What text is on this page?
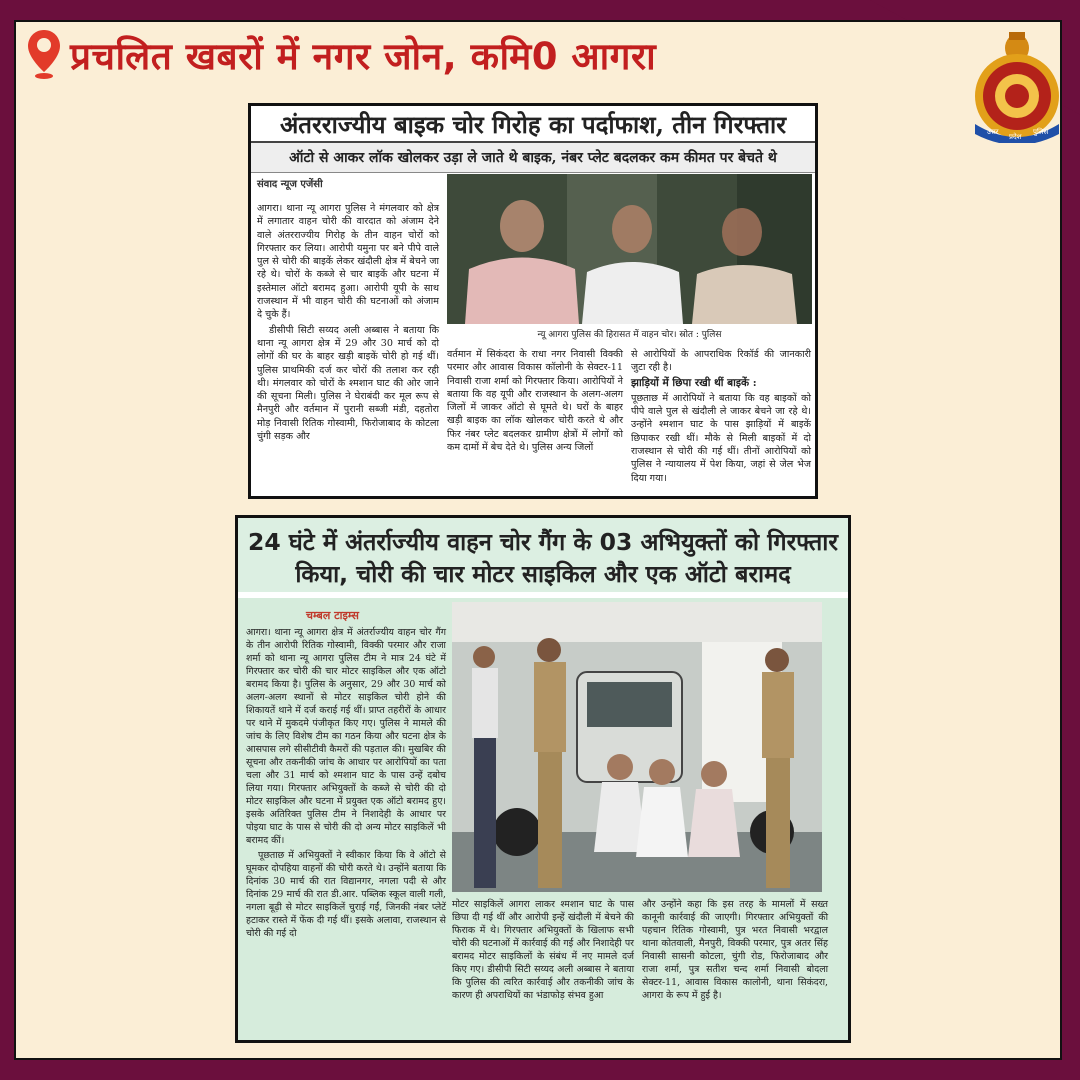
प्रचलित खबरों में नगर जोन, कमि0 आगरा
उत्तर
प्रदेश
पुलिस
अंतरराज्यीय बाइक चोर गिरोह का पर्दाफाश, तीन गिरफ्तार
ऑटो से आकर लॉक खोलकर उड़ा ले जाते थे बाइक, नंबर प्लेट बदलकर कम कीमत पर बेचते थे
संवाद न्यूज एजेंसी

आगरा। थाना न्यू आगरा पुलिस ने मंगलवार को क्षेत्र में लगातार वाहन चोरी की वारदात को अंजाम देने वाले अंतरराज्यीय गिरोह के तीन वाहन चोरों को गिरफ्तार कर लिया। आरोपी यमुना पर बने पीपे वाले पुल से चोरी की बाइकें लेकर खंदौली क्षेत्र में बेचने जा रहे थे। चोरों के कब्जे से चार बाइकें और घटना में इस्तेमाल ऑटो बरामद हुआ। आरोपी यूपी के साथ राजस्थान में भी वाहन चोरी की घटनाओं को अंजाम दे चुके हैं।

डीसीपी सिटी सय्यद अली अब्बास ने बताया कि थाना न्यू आगरा क्षेत्र में 29 और 30 मार्च को दो लोगों की घर के बाहर खड़ी बाइकें चोरी हो गई थीं। पुलिस प्राथमिकी दर्ज कर चोरों की तलाश कर रही थी। मंगलवार को चोरों के श्मशान घाट की ओर जाने की सूचना मिली। पुलिस ने घेराबंदी कर मूल रूप से मैनपुरी और वर्तमान में पुरानी सब्जी मंडी, दहतोरा मोड़ निवासी रितिक गोस्वामी, फिरोजाबाद के कोटला चुंगी सड़क और

न्यू आगरा पुलिस की हिरासत में वाहन चोर। स्रोत : पुलिस

वर्तमान में सिकंदरा के राधा नगर निवासी विक्की परमार और आवास विकास कॉलोनी के सेक्टर-11 निवासी राजा शर्मा को गिरफ्तार किया। आरोपियों ने बताया कि वह यूपी और राजस्थान के अलग-अलग जिलों में जाकर ऑटो से घूमते थे। घरों के बाहर खड़ी बाइक का लॉक खोलकर चोरी करते थे और फिर नंबर प्लेट बदलकर ग्रामीण क्षेत्रों में लोगों को कम दामों में बेच देते थे। पुलिस अन्य जिलों

से आरोपियों के आपराधिक रिकॉर्ड की जानकारी जुटा रही है।

झाड़ियों में छिपा रखी थीं बाइकें :

पूछताछ में आरोपियों ने बताया कि वह बाइकों को पीपे वाले पुल से खंदौली ले जाकर बेचने जा रहे थे। उन्होंने श्मशान घाट के पास झाड़ियों में बाइकें छिपाकर रखी थीं। मौके से मिली बाइकों में दो राजस्थान से चोरी की गई थीं। तीनों आरोपियों को पुलिस ने न्यायालय में पेश किया, जहां से जेल भेज दिया गया।

24 घंटे में अंतर्राज्यीय वाहन चोर गैंग के 03 अभियुक्तों को गिरफ्तार किया, चोरी की चार मोटर साइकिल और एक ऑटो बरामद
चम्बल टाइम्स

आगरा। थाना न्यू आगरा क्षेत्र में अंतर्राज्यीय वाहन चोर गैंग के तीन आरोपी रितिक गोस्वामी, विक्की परमार और राजा शर्मा को थाना न्यू आगरा पुलिस टीम ने मात्र 24 घंटे में गिरफ्तार कर चोरी की चार मोटर साइकिल और एक ऑटो बरामद किया है। पुलिस के अनुसार, 29 और 30 मार्च को अलग-अलग स्थानों से मोटर साइकिल चोरी होने की शिकायतें थाने में दर्ज कराई गई थीं। प्राप्त तहरीरों के आधार पर थाने में मुकदमे पंजीकृत किए गए। पुलिस ने मामले की जांच के लिए विशेष टीम का गठन किया और घटना क्षेत्र के आसपास लगे सीसीटीवी कैमरों की पड़ताल की। मुखबिर की सूचना और तकनीकी जांच के आधार पर आरोपियों का पता चला और 31 मार्च को श्मशान घाट के पास उन्हें दबोच लिया गया। गिरफ्तार अभियुक्तों के कब्जे से चोरी की दो मोटर साइकिल और घटना में प्रयुक्त एक ऑटो बरामद हुए। इसके अतिरिक्त पुलिस टीम ने निशादेही के आधार पर पोइया घाट के पास से चोरी की दो अन्य मोटर साइकिलें भी बरामद कीं।

पूछताछ में अभियुक्तों ने स्वीकार किया कि वे ऑटो से घूमकर दोपहिया वाहनों की चोरी करते थे। उन्होंने बताया कि दिनांक 30 मार्च की रात विद्यानगर, नगला पदी से और दिनांक 29 मार्च की रात डी.आर. पब्लिक स्कूल वाली गली, नगला बूढ़ी से मोटर साइकिलें चुराई गईं, जिनकी नंबर प्लेटें हटाकर रास्ते में फेंक दी गई थीं। इसके अलावा, राजस्थान से चोरी की गई दो

मोटर साइकिलें आगरा लाकर श्मशान घाट के पास छिपा दी गई थीं और आरोपी इन्हें खंदौली में बेचने की फिराक में थे। गिरफ्तार अभियुक्तों के खिलाफ सभी चोरी की घटनाओं में कार्रवाई की गई और निशादेही पर बरामद मोटर साइकिलों के संबंध में नए मामले दर्ज किए गए। डीसीपी सिटी सय्यद अली अब्बास ने बताया कि पुलिस की त्वरित कार्रवाई और तकनीकी जांच के कारण ही अपराधियों का भंडाफोड़ संभव हुआ

और उन्होंने कहा कि इस तरह के मामलों में सख्त कानूनी कार्रवाई की जाएगी। गिरफ्तार अभियुक्तों की पहचान रितिक गोस्वामी, पुत्र भरत निवासी भरद्वाल थाना कोतवाली, मैनपुरी, विक्की परमार, पुत्र अतर सिंह निवासी सासनी कोटला, चुंगी रोड, फिरोजाबाद और राजा शर्मा, पुत्र सतीश चन्द शर्मा निवासी बोदला सेक्टर-11, आवास विकास कालोनी, थाना सिकंदरा, आगरा के रूप में हुई है।
